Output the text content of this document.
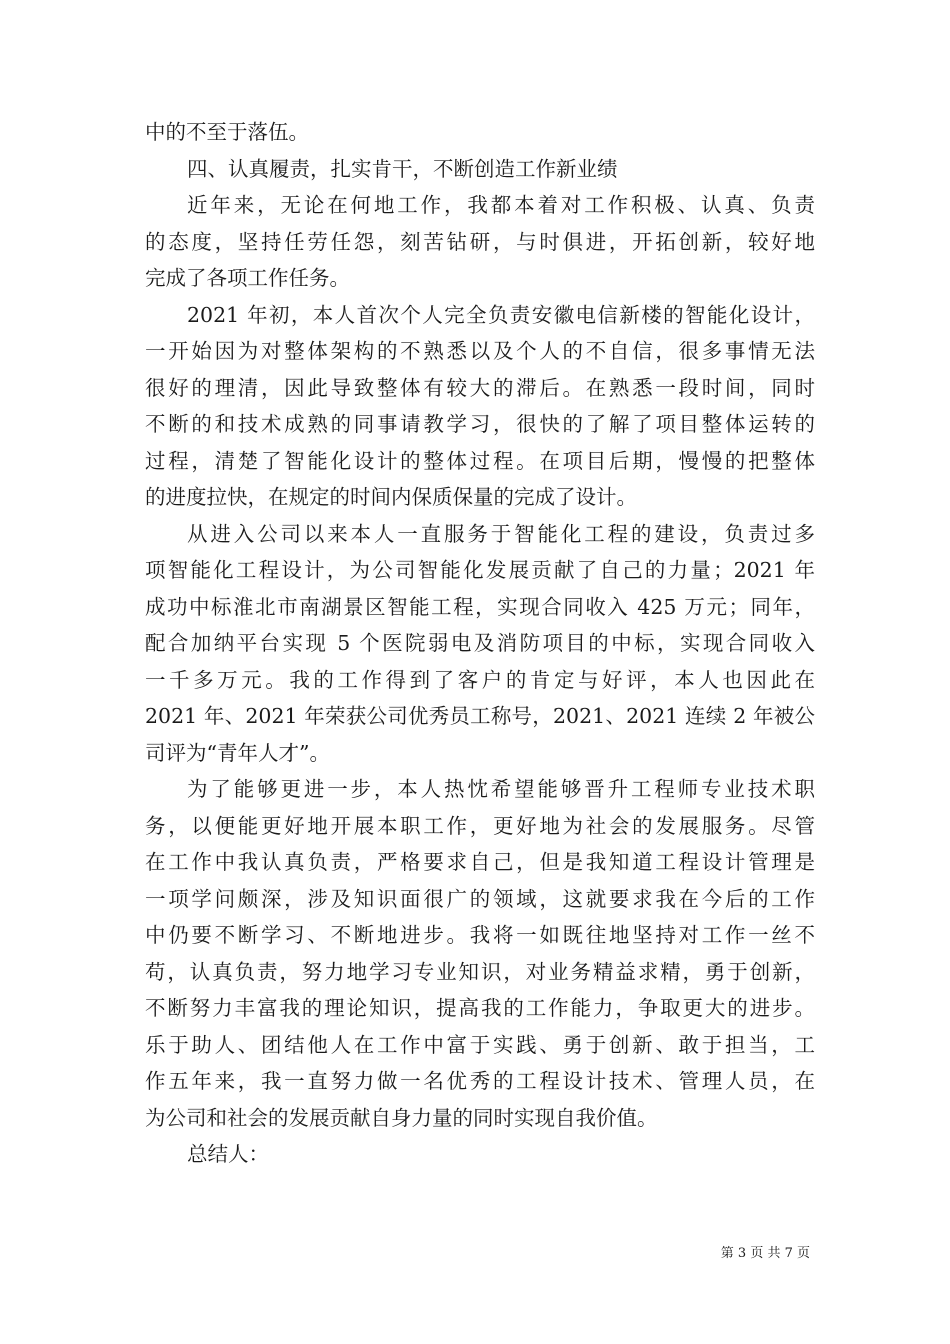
中的不至于落伍。
四、认真履责，扎实肯干，不断创造工作新业绩
近年来，无论在何地工作，我都本着对工作积极、认真、负责
的态度，坚持任劳任怨，刻苦钻研，与时俱进，开拓创新，较好地
完成了各项工作任务。
2021 年初，本人首次个人完全负责安徽电信新楼的智能化设计，
一开始因为对整体架构的不熟悉以及个人的不自信，很多事情无法
很好的理清，因此导致整体有较大的滞后。在熟悉一段时间，同时
不断的和技术成熟的同事请教学习，很快的了解了项目整体运转的
过程，清楚了智能化设计的整体过程。在项目后期，慢慢的把整体
的进度拉快，在规定的时间内保质保量的完成了设计。
从进入公司以来本人一直服务于智能化工程的建设，负责过多
项智能化工程设计，为公司智能化发展贡献了自己的力量；2021 年
成功中标淮北市南湖景区智能工程，实现合同收入 425 万元；同年，
配合加纳平台实现 5 个医院弱电及消防项目的中标，实现合同收入
一千多万元。我的工作得到了客户的肯定与好评，本人也因此在
2021 年、2021 年荣获公司优秀员工称号，2021、2021 连续 2 年被公
司评为“青年人才”。
为了能够更进一步，本人热忱希望能够晋升工程师专业技术职
务，以便能更好地开展本职工作，更好地为社会的发展服务。尽管
在工作中我认真负责，严格要求自己，但是我知道工程设计管理是
一项学问颇深，涉及知识面很广的领域，这就要求我在今后的工作
中仍要不断学习、不断地进步。我将一如既往地坚持对工作一丝不
苟，认真负责，努力地学习专业知识，对业务精益求精，勇于创新，
不断努力丰富我的理论知识，提高我的工作能力，争取更大的进步。
乐于助人、团结他人在工作中富于实践、勇于创新、敢于担当，工
作五年来，我一直努力做一名优秀的工程设计技术、管理人员，在
为公司和社会的发展贡献自身力量的同时实现自我价值。
总结人：
第 3 页 共 7 页
